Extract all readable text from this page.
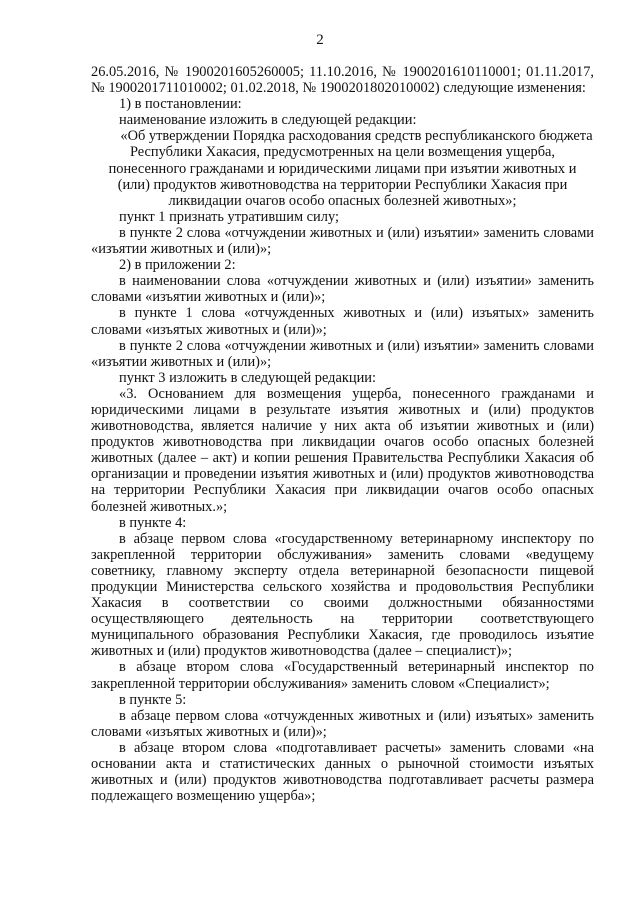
2

26.05.2016, № 1900201605260005; 11.10.2016, № 1900201610110001; 01.11.2017, № 1900201711010002; 01.02.2018, № 1900201802010002) следующие изменения:

1) в постановлении:

наименование изложить в следующей редакции:

«Об утверждении Порядка расходования средств республиканского бюджета Республики Хакасия, предусмотренных на цели возмещения ущерба, понесенного гражданами и юридическими лицами при изъятии животных и (или) продуктов животноводства на территории Республики Хакасия при ликвидации очагов особо опасных болезней животных»;

пункт 1 признать утратившим силу;

в пункте 2 слова «отчуждении животных и (или) изъятии» заменить словами «изъятии животных и (или)»;

2) в приложении 2:

в наименовании слова «отчуждении животных и (или) изъятии» заменить словами «изъятии животных и (или)»;

в пункте 1 слова «отчужденных животных и (или) изъятых» заменить словами «изъятых животных и (или)»;

в пункте 2 слова «отчуждении животных и (или) изъятии» заменить словами «изъятии животных и (или)»;

пункт 3 изложить в следующей редакции:

«3. Основанием для возмещения ущерба, понесенного гражданами и юридическими лицами в результате изъятия животных и (или) продуктов животноводства, является наличие у них акта об изъятии животных и (или) продуктов животноводства при ликвидации очагов особо опасных болезней животных (далее – акт) и копии решения Правительства Республики Хакасия об организации и проведении изъятия животных и (или) продуктов животноводства на территории Республики Хакасия при ликвидации очагов особо опасных болезней животных.»;

в пункте 4:

в абзаце первом слова «государственному ветеринарному инспектору по закрепленной территории обслуживания» заменить словами «ведущему советнику, главному эксперту отдела ветеринарной безопасности пищевой продукции Министерства сельского хозяйства и продовольствия Республики Хакасия в соответствии со своими должностными обязанностями осуществляющего деятельность на территории соответствующего муниципального образования Республики Хакасия, где проводилось изъятие животных и (или) продуктов животноводства (далее – специалист)»;

в абзаце втором слова «Государственный ветеринарный инспектор по закрепленной территории обслуживания» заменить словом «Специалист»;

в пункте 5:

в абзаце первом слова «отчужденных животных и (или) изъятых» заменить словами «изъятых животных и (или)»;

в абзаце втором слова «подготавливает расчеты» заменить словами «на основании акта и статистических данных о рыночной стоимости изъятых животных и (или) продуктов животноводства подготавливает расчеты размера подлежащего возмещению ущерба»;
